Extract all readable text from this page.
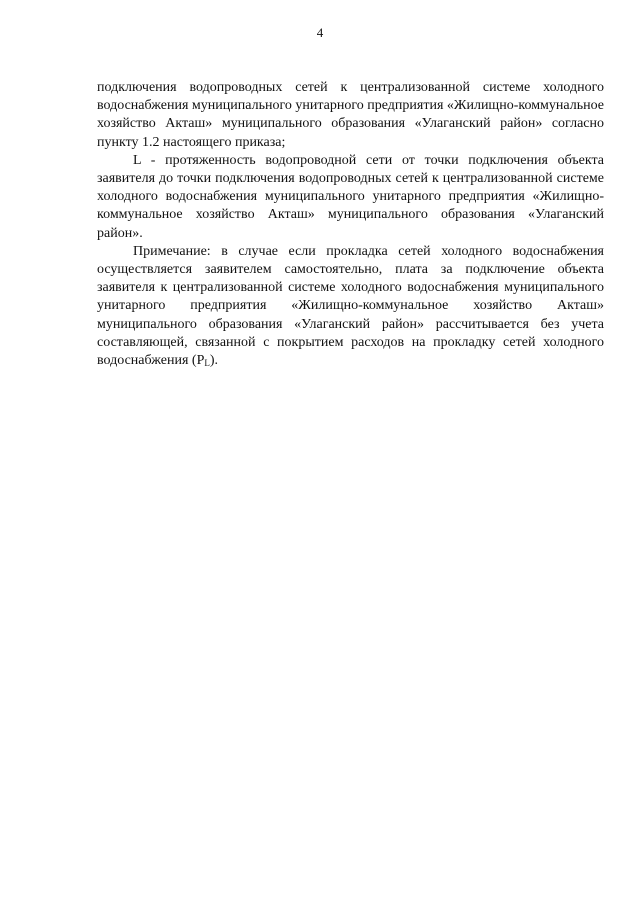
4

подключения водопроводных сетей к централизованной системе холодного водоснабжения муниципального унитарного предприятия «Жилищно-коммунальное хозяйство Акташ» муниципального образования «Улаганский район» согласно пункту 1.2 настоящего приказа;

L - протяженность водопроводной сети от точки подключения объекта заявителя до точки подключения водопроводных сетей к централизованной системе холодного водоснабжения муниципального унитарного предприятия «Жилищно-коммунальное хозяйство Акташ» муниципального образования «Улаганский район».

Примечание: в случае если прокладка сетей холодного водоснабжения осуществляется заявителем самостоятельно, плата за подключение объекта заявителя к централизованной системе холодного водоснабжения муниципального унитарного предприятия «Жилищно-коммунальное хозяйство Акташ» муниципального образования «Улаганский район» рассчитывается без учета составляющей, связанной с покрытием расходов на прокладку сетей холодного водоснабжения $(P_L)$.
